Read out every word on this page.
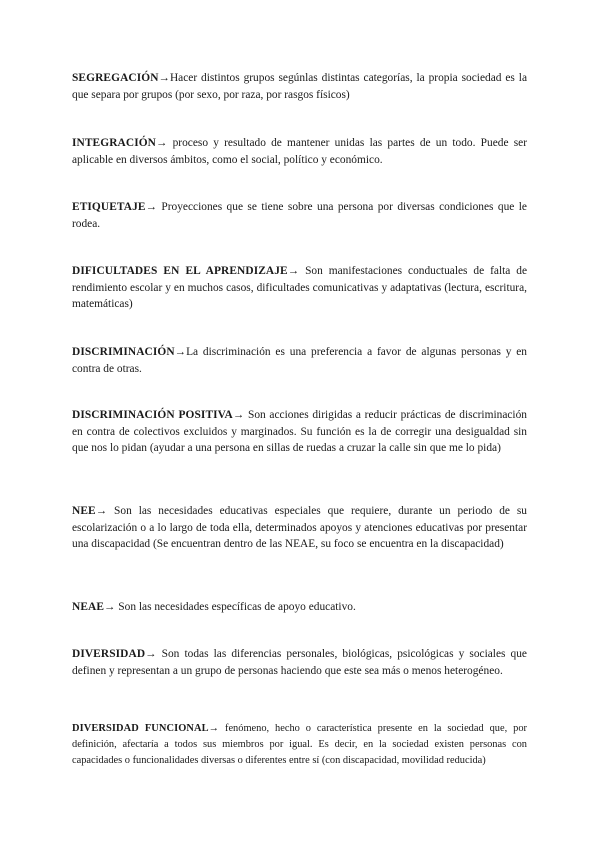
SEGREGACIÓN→Hacer distintos grupos segúnlas distintas categorías, la propia sociedad es la que separa por grupos (por sexo, por raza, por rasgos físicos)

INTEGRACIÓN→ proceso y resultado de mantener unidas las partes de un todo. Puede ser aplicable en diversos ámbitos, como el social, político y económico.

ETIQUETAJE→ Proyecciones que se tiene sobre una persona por diversas condiciones que le rodea.

DIFICULTADES EN EL APRENDIZAJE→ Son manifestaciones conductuales de falta de rendimiento escolar y en muchos casos, dificultades comunicativas y adaptativas (lectura, escritura, matemáticas)

DISCRIMINACIÓN→La discriminación es una preferencia a favor de algunas personas y en contra de otras.

DISCRIMINACIÓN POSITIVA→ Son acciones dirigidas a reducir prácticas de discriminación en contra de colectivos excluidos y marginados. Su función es la de corregir una desigualdad sin que nos lo pidan (ayudar a una persona en sillas de ruedas a cruzar la calle sin que me lo pida)

NEE→ Son las necesidades educativas especiales que requiere, durante un periodo de su escolarización o a lo largo de toda ella, determinados apoyos y atenciones educativas por presentar una discapacidad (Se encuentran dentro de las NEAE, su foco se encuentra en la discapacidad)

NEAE→ Son las necesidades específicas de apoyo educativo.

DIVERSIDAD→ Son todas las diferencias personales, biológicas, psicológicas y sociales que definen y representan a un grupo de personas haciendo que este sea más o menos heterogéneo.

DIVERSIDAD FUNCIONAL→ fenómeno, hecho o característica presente en la sociedad que, por definición, afectaría a todos sus miembros por igual. Es decir, en la sociedad existen personas con capacidades o funcionalidades diversas o diferentes entre sí (con discapacidad, movilidad reducida)
